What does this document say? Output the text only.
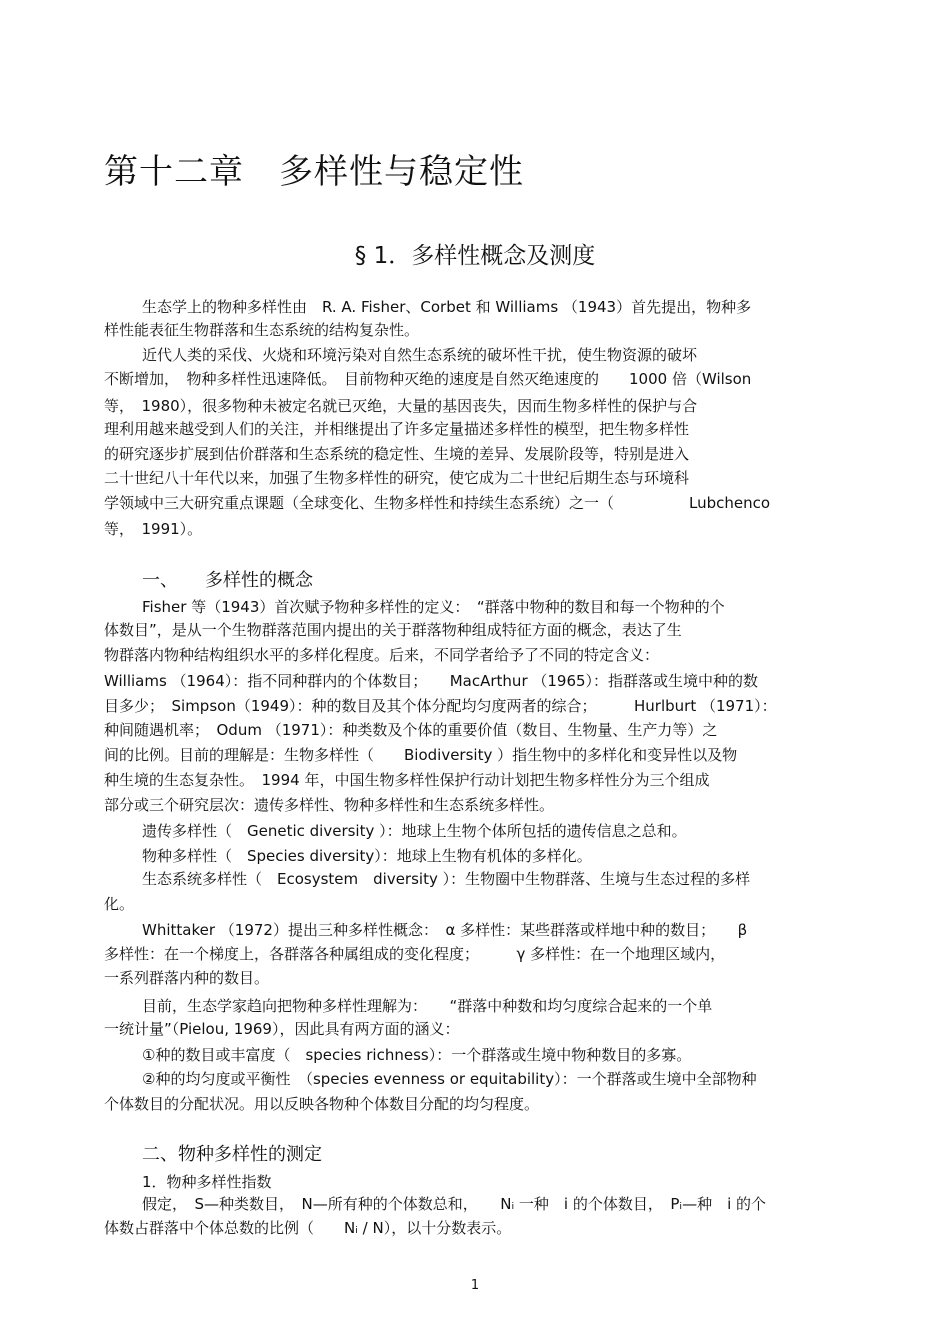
第十二章　多样性与稳定性
§ 1．多样性概念及测度
生态学上的物种多样性由　R. A. Fisher、Corbet 和 Williams （1943）首先提出，物种多
样性能表征生物群落和生态系统的结构复杂性。
近代人类的采伐、火烧和环境污染对自然生态系统的破坏性干扰，使生物资源的破坏
不断增加，　物种多样性迅速降低。　目前物种灭绝的速度是自然灭绝速度的　　1000 倍（Wilson
等，　1980），很多物种未被定名就已灭绝，大量的基因丧失，因而生物多样性的保护与合
理利用越来越受到人们的关注，并相继提出了许多定量描述多样性的模型，把生物多样性
的研究逐步扩展到估价群落和生态系统的稳定性、生境的差异、发展阶段等，特别是进入
二十世纪八十年代以来，加强了生物多样性的研究，使它成为二十世纪后期生态与环境科
学领域中三大研究重点课题（全球变化、生物多样性和持续生态系统）之一（　　　　　Lubchenco
等，　1991）。
一、　　多样性的概念
Fisher 等（1943）首次赋予物种多样性的定义：　“群落中物种的数目和每一个物种的个
体数目”，是从一个生物群落范围内提出的关于群落物种组成特征方面的概念，表达了生
物群落内物种结构组织水平的多样化程度。后来，不同学者给予了不同的特定含义：
Williams （1964）：指不同种群内的个体数目；　　MacArthur （1965）：指群落或生境中种的数
目多少；　Simpson（1949）：种的数目及其个体分配均匀度两者的综合；　　　Hurlburt （1971）：
种间随遇机率；　Odum （1971）：种类数及个体的重要价值（数目、生物量、生产力等）之
间的比例。目前的理解是：生物多样性（　　Biodiversity ）指生物中的多样化和变异性以及物
种生境的生态复杂性。　1994 年，中国生物多样性保护行动计划把生物多样性分为三个组成
部分或三个研究层次：遗传多样性、物种多样性和生态系统多样性。
遗传多样性（　Genetic diversity ）：地球上生物个体所包括的遗传信息之总和。
物种多样性（　Species diversity）：地球上生物有机体的多样化。
生态系统多样性（　Ecosystem　diversity ）：生物圈中生物群落、生境与生态过程的多样
化。
Whittaker （1972）提出三种多样性概念：　α 多样性：某些群落或样地中种的数目；　　β
多样性：在一个梯度上，各群落各种属组成的变化程度；　　　γ 多样性：在一个地理区域内，
一系列群落内种的数目。
目前，生态学家趋向把物种多样性理解为：　　“群落中种数和均匀度综合起来的一个单
一统计量”（Pielou, 1969），因此具有两方面的涵义：
①种的数目或丰富度（　species richness）：一个群落或生境中物种数目的多寡。
②种的均匀度或平衡性　（species evenness or equitability）：一个群落或生境中全部物种
个体数目的分配状况。用以反映各物种个体数目分配的均匀程度。
二、物种多样性的测定
1．物种多样性指数
假定，　S—种类数目，　N—所有种的个体数总和，　　Nᵢ 一种　i 的个体数目，　Pᵢ—种　i 的个
体数占群落中个体总数的比例（　　Nᵢ / N），以十分数表示。
1
